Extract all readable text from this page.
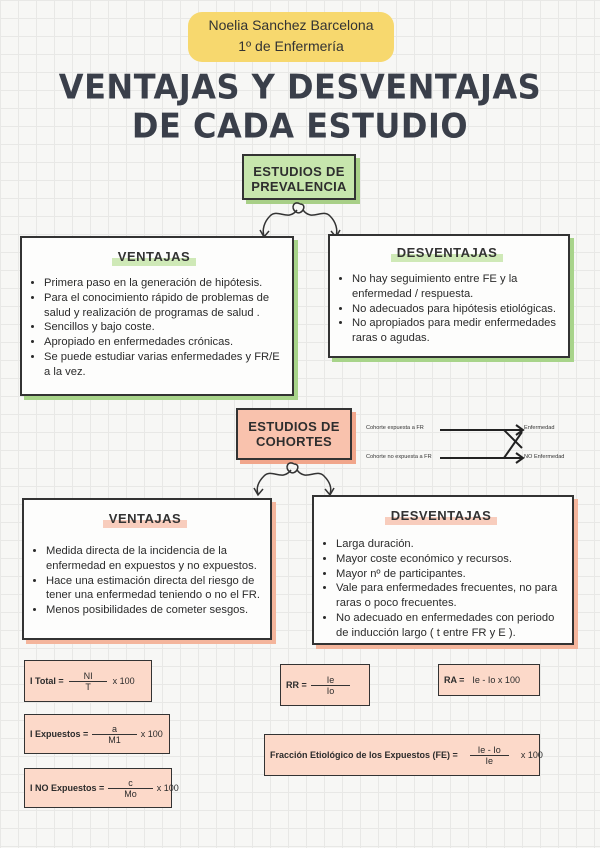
Noelia Sanchez Barcelona
1º de Enfermería
VENTAJAS Y DESVENTAJAS
DE CADA ESTUDIO
ESTUDIOS DE
PREVALENCIA
VENTAJAS
• Primera paso en la generación de hipótesis.
• Para el conocimiento rápido de problemas de salud y realización de programas de salud .
• Sencillos y bajo coste.
• Apropiado en enfermedades crónicas.
• Se puede estudiar varias enfermedades y FR/E a la vez.
DESVENTAJAS
• No hay seguimiento entre FE y la enfermedad / respuesta.
• No adecuados para hipótesis etiológicas.
• No apropiados para medir enfermedades raras o agudas.
ESTUDIOS DE
COHORTES
Cohorte expuesta a FR
Cohorte no expuesta a FR
Enfermedad
NO Enfermedad
VENTAJAS
• Medida directa de la incidencia de la enfermedad en expuestos y no expuestos.
• Hace una estimación directa del riesgo de tener una enfermedad teniendo o no el FR.
• Menos posibilidades de cometer sesgos.
DESVENTAJAS
• Larga duración.
• Mayor coste económico y recursos.
• Mayor nº de participantes.
• Vale para enfermedades frecuentes, no para raras o poco frecuentes.
• No adecuado en enfermedades con periodo de inducción largo ( t entre FR y E ).
I Total = $\frac{NI}{T}$ x 100
I Expuestos = $\frac{a}{M1}$ x 100
I NO Expuestos = $\frac{c}{Mo}$ x 100
RR = $\frac{Ie}{Io}$	RA = Ie - Io x 100
Fracción Etiológico de los Expuestos $(FE) = \frac{Ie - Io}{Ie}$ x 100
